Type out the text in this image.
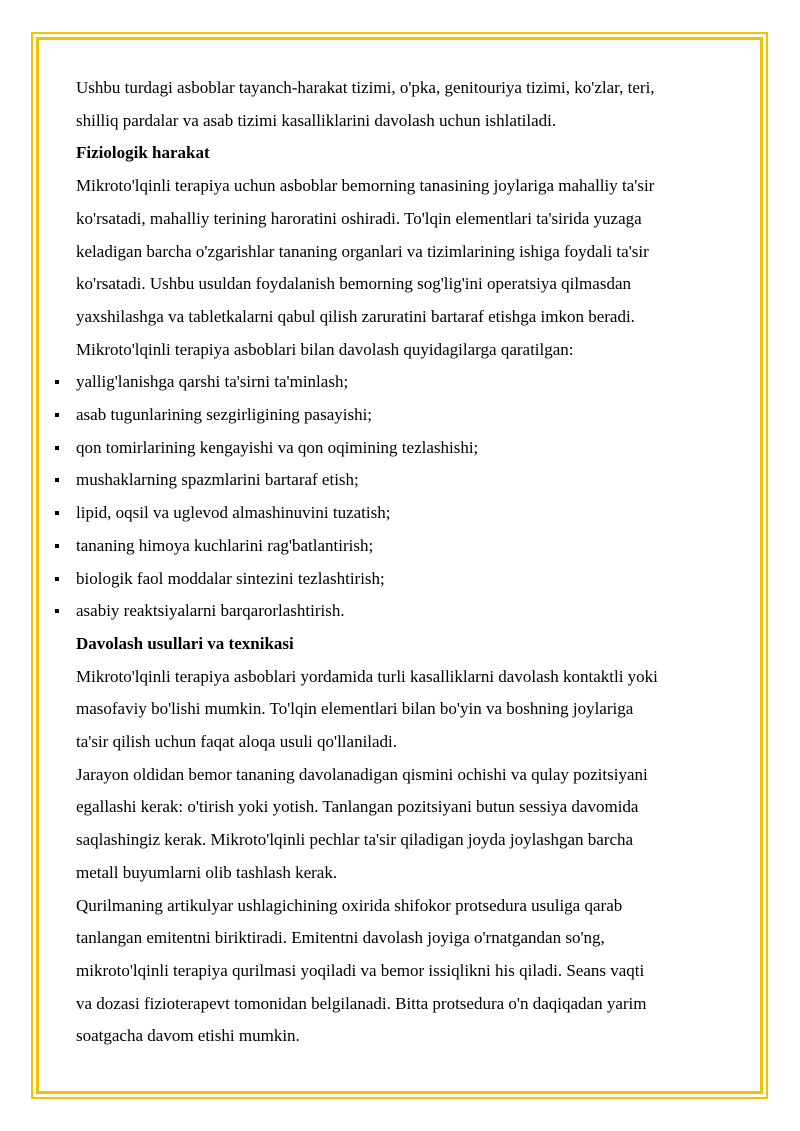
Ushbu turdagi asboblar tayanch-harakat tizimi, o'pka, genitouriya tizimi, ko'zlar, teri,
shilliq pardalar va asab tizimi kasalliklarini davolash uchun ishlatiladi.

Fiziologik harakat

Mikroto'lqinli terapiya uchun asboblar bemorning tanasining joylariga mahalliy ta'sir
ko'rsatadi, mahalliy terining haroratini oshiradi. To'lqin elementlari ta'sirida yuzaga
keladigan barcha o'zgarishlar tananing organlari va tizimlarining ishiga foydali ta'sir
ko'rsatadi. Ushbu usuldan foydalanish bemorning sog'lig'ini operatsiya qilmasdan
yaxshilashga va tabletkalarni qabul qilish zaruratini bartaraf etishga imkon beradi.
Mikroto'lqinli terapiya asboblari bilan davolash quyidagilarga qaratilgan:

yallig'lanishga qarshi ta'sirni ta'minlash;
asab tugunlarining sezgirligining pasayishi;
qon tomirlarining kengayishi va qon oqimining tezlashishi;
mushaklarning spazmlarini bartaraf etish;
lipid, oqsil va uglevod almashinuvini tuzatish;
tananing himoya kuchlarini rag'batlantirish;
biologik faol moddalar sintezini tezlashtirish;
asabiy reaktsiyalarni barqarorlashtirish.

Davolash usullari va texnikasi

Mikroto'lqinli terapiya asboblari yordamida turli kasalliklarni davolash kontaktli yoki
masofaviy bo'lishi mumkin. To'lqin elementlari bilan bo'yin va boshning joylariga
ta'sir qilish uchun faqat aloqa usuli qo'llaniladi.

Jarayon oldidan bemor tananing davolanadigan qismini ochishi va qulay pozitsiyani
egallashi kerak: o'tirish yoki yotish. Tanlangan pozitsiyani butun sessiya davomida
saqlashingiz kerak. Mikroto'lqinli pechlar ta'sir qiladigan joyda joylashgan barcha
metall buyumlarni olib tashlash kerak.

Qurilmaning artikulyar ushlagichining oxirida shifokor protsedura usuliga qarab
tanlangan emitentni biriktiradi. Emitentni davolash joyiga o'rnatgandan so'ng,
mikroto'lqinli terapiya qurilmasi yoqiladi va bemor issiqlikni his qiladi. Seans vaqti
va dozasi fizioterapevt tomonidan belgilanadi. Bitta protsedura o'n daqiqadan yarim
soatgacha davom etishi mumkin.
